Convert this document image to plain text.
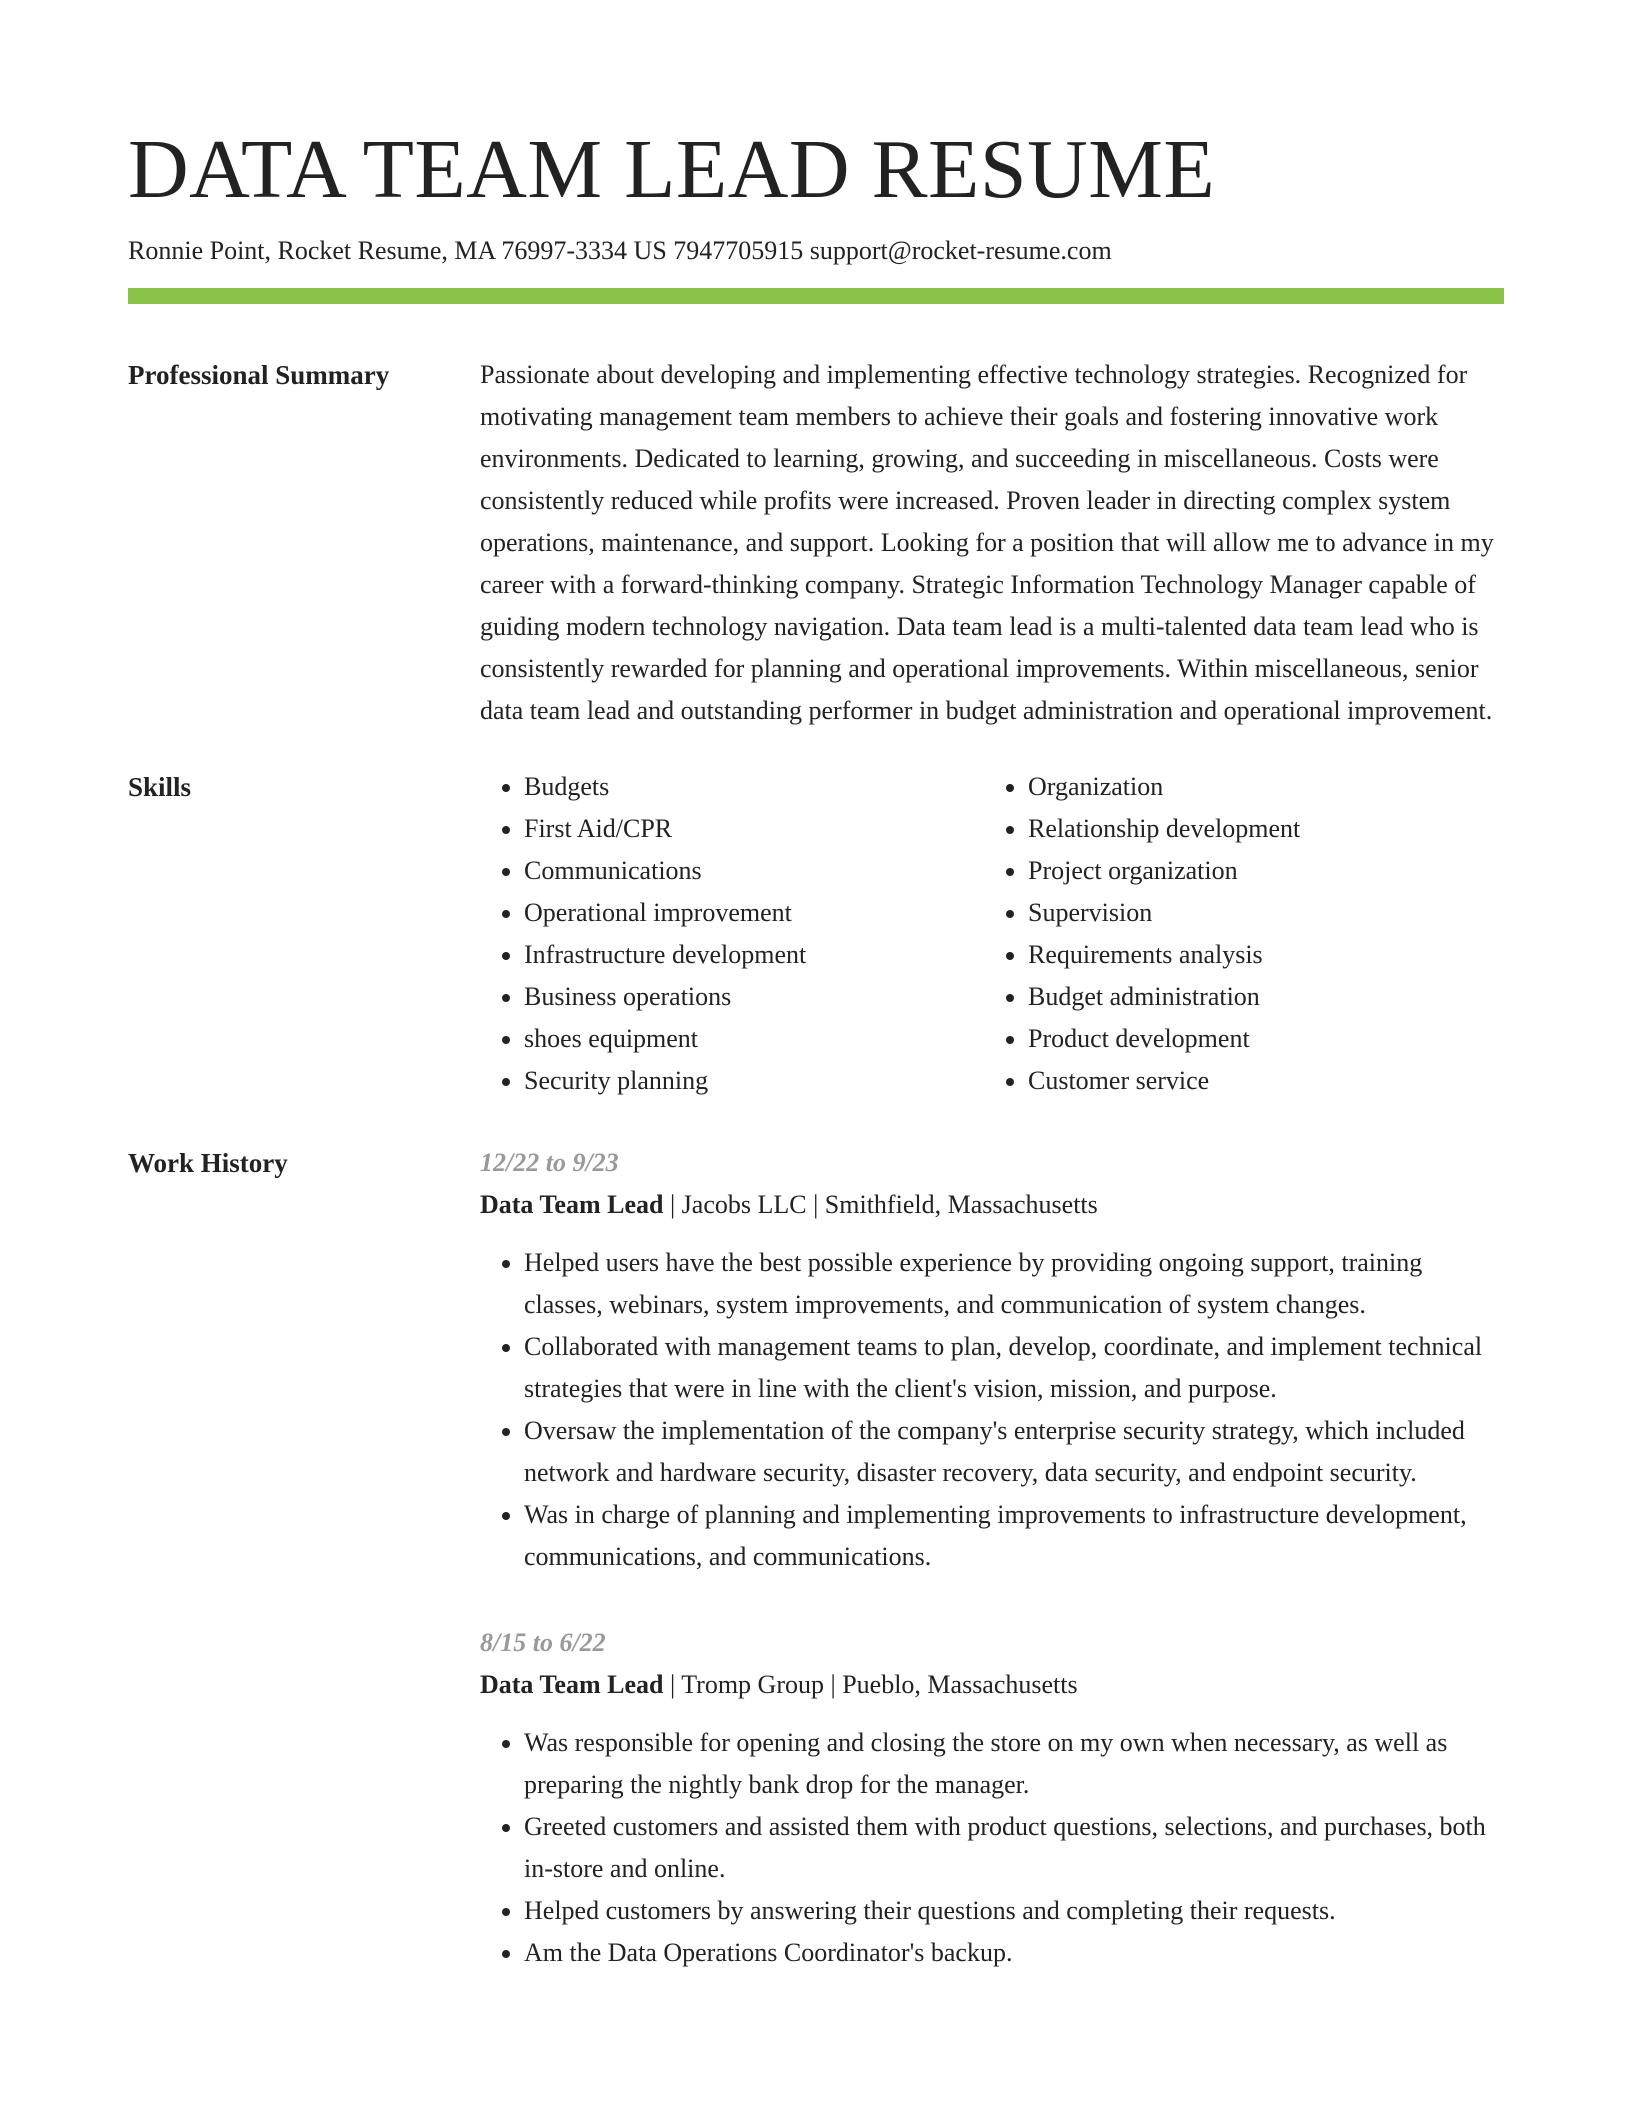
DATA TEAM LEAD RESUME
Ronnie Point, Rocket Resume, MA 76997-3334 US 7947705915 support@rocket-resume.com
Professional Summary	Passionate about developing and implementing effective technology strategies. Recognized for motivating management team members to achieve their goals and fostering innovative work environments. Dedicated to learning, growing, and succeeding in miscellaneous. Costs were consistently reduced while profits were increased. Proven leader in directing complex system operations, maintenance, and support. Looking for a position that will allow me to advance in my career with a forward-thinking company. Strategic Information Technology Manager capable of guiding modern technology navigation. Data team lead is a multi-talented data team lead who is consistently rewarded for planning and operational improvements. Within miscellaneous, senior data team lead and outstanding performer in budget administration and operational improvement.

Skills
•	Budgets
• First Aid/CPR
• Communications
• Operational improvement
• Infrastructure development
• Business operations
• shoes equipment
• Security planning
• Organization
• Relationship development
• Project organization
• Supervision
• Requirements analysis
• Budget administration
• Product development
• Customer service
Work History	12/22 to 9/23
Data Team Lead | Jacobs LLC | Smithfield, Massachusetts
• Helped users have the best possible experience by providing ongoing support, training classes, webinars, system improvements, and communication of system changes.
• Collaborated with management teams to plan, develop, coordinate, and implement technical strategies that were in line with the client's vision, mission, and purpose.
• Oversaw the implementation of the company's enterprise security strategy, which included network and hardware security, disaster recovery, data security, and endpoint security.
• Was in charge of planning and implementing improvements to infrastructure development, communications, and communications.
8/15 to 6/22
Data Team Lead | Tromp Group | Pueblo, Massachusetts
• Was responsible for opening and closing the store on my own when necessary, as well as preparing the nightly bank drop for the manager.
• Greeted customers and assisted them with product questions, selections, and purchases, both in-store and online.
• Helped customers by answering their questions and completing their requests.
• Am the Data Operations Coordinator's backup.
